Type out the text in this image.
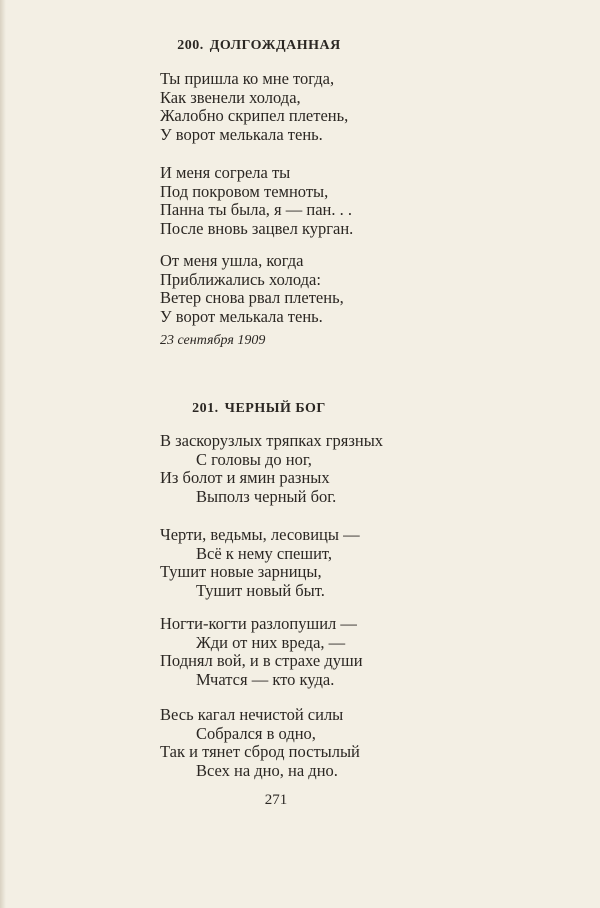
200. ДОЛГОЖДАННАЯ
Ты пришла ко мне тогда,
Как звенели холода,
Жалобно скрипел плетень,
У ворот мелькала тень.
И меня согрела ты
Под покровом темноты,
Панна ты была, я — пан. . .
После вновь зацвел курган.
От меня ушла, когда
Приближались холода:
Ветер снова рвал плетень,
У ворот мелькала тень.
23 сентября 1909
201. ЧЕРНЫЙ БОГ
В заскорузлых тряпках грязных
С головы до ног,
Из болот и ямин разных
Выполз черный бог.
Черти, ведьмы, лесовицы —
Всё к нему спешит,
Тушит новые зарницы,
Тушит новый быт.
Ногти-когти разлопушил —
Жди от них вреда, —
Поднял вой, и в страхе души
Мчатся — кто куда.
Весь кагал нечистой силы
Собрался в одно,
Так и тянет сброд постылый
Всех на дно, на дно.
271
